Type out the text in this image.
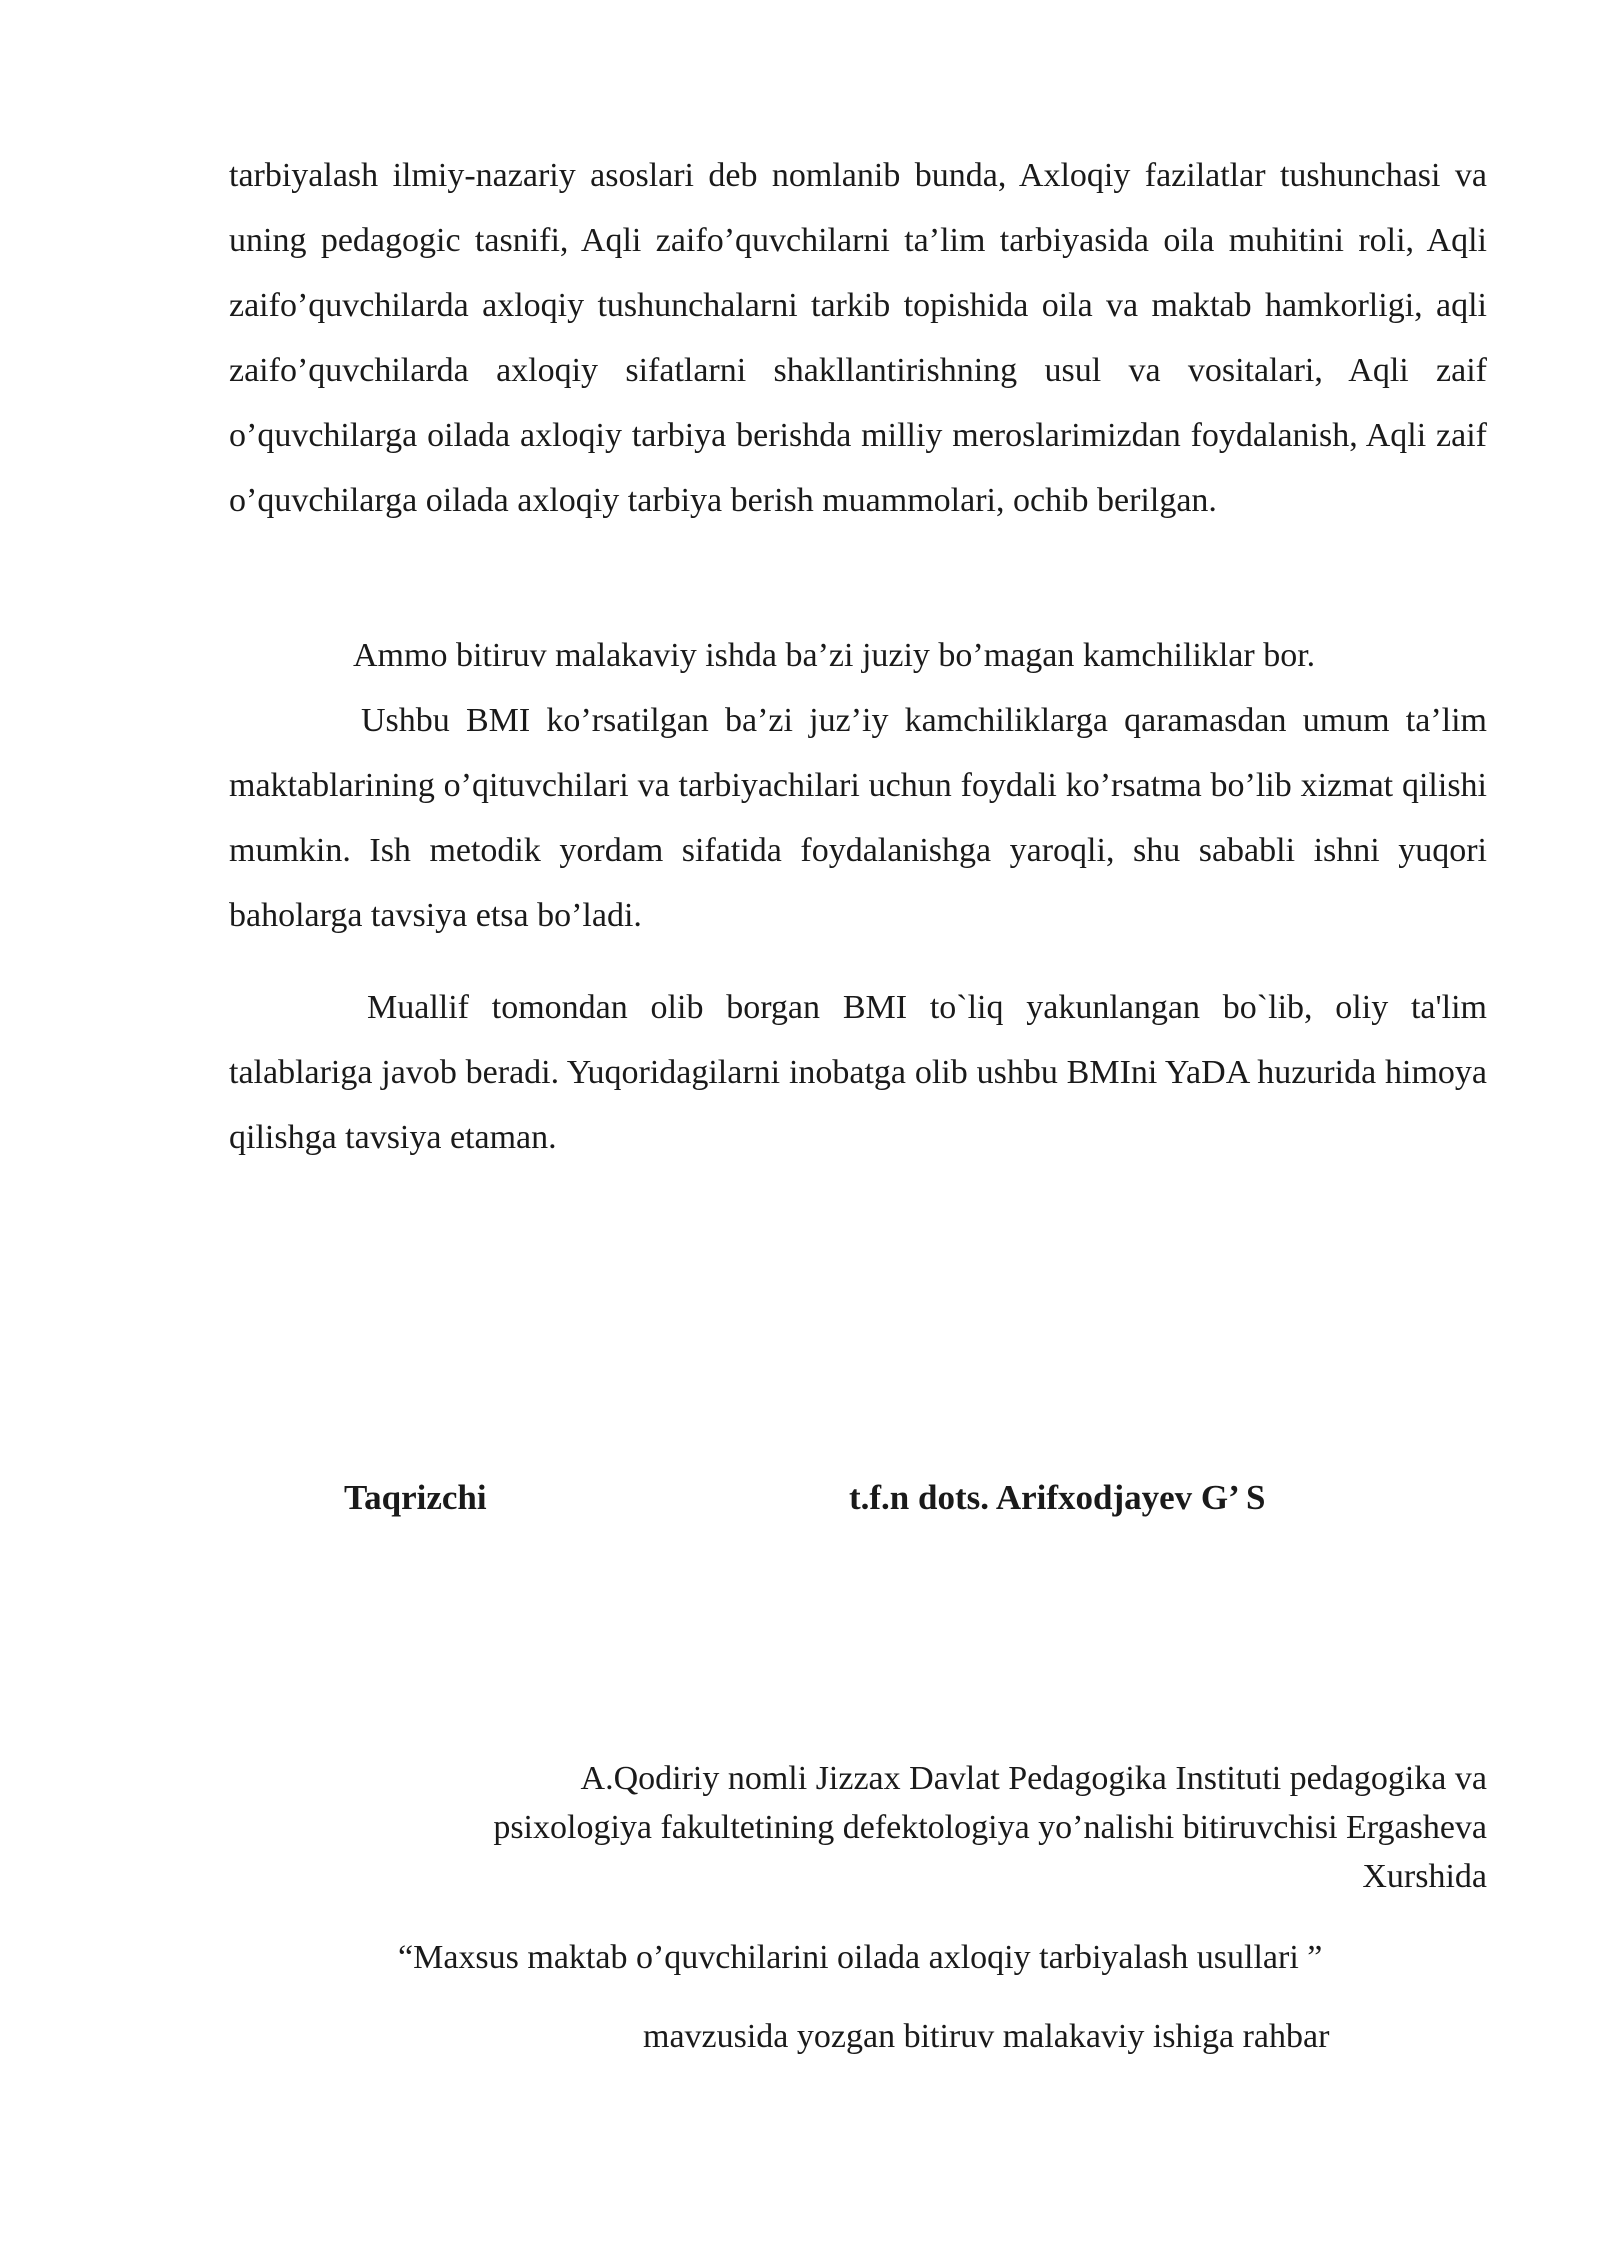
tarbiyalash ilmiy-nazariy asoslari deb nomlanib bunda, Axloqiy fazilatlar tushunchasi va uning pedagogic tasnifi, Aqli zaifo’quvchilarni ta’lim tarbiyasida oila muhitini roli, Aqli zaifo’quvchilarda axloqiy tushunchalarni tarkib topishida oila va maktab hamkorligi, aqli zaifo’quvchilarda axloqiy sifatlarni shakllantirishning usul va vositalari, Aqli zaif o’quvchilarga oilada axloqiy tarbiya berishda milliy meroslarimizdan foydalanish, Aqli zaif o’quvchilarga oilada axloqiy tarbiya berish muammolari, ochib berilgan.

Ammo bitiruv malakaviy ishda ba’zi juziy bo’magan kamchiliklar bor.

Ushbu BMI ko’rsatilgan ba’zi juz’iy kamchiliklarga qaramasdan umum ta’lim maktablarining o’qituvchilari va tarbiyachilari uchun foydali ko’rsatma bo’lib xizmat qilishi mumkin. Ish metodik yordam sifatida foydalanishga yaroqli, shu sababli ishni yuqori baholarga tavsiya etsa bo’ladi.

Muallif tomondan olib borgan BMI to`liq yakunlangan bo`lib, oliy ta'lim talablariga javob beradi. Yuqoridagilarni inobatga olib ushbu BMIni YaDA huzurida himoya qilishga tavsiya etaman.

Taqrizchi	t.f.n dots. Arifxodjayev G’ S

A.Qodiriy nomli Jizzax Davlat Pedagogika Instituti pedagogika va
psixologiya fakultetining defektologiya yo’nalishi bitiruvchisi Ergasheva
Xurshida

“Maxsus maktab o’quvchilarini oilada axloqiy tarbiyalash usullari ”

mavzusida yozgan bitiruv malakaviy ishiga rahbar
